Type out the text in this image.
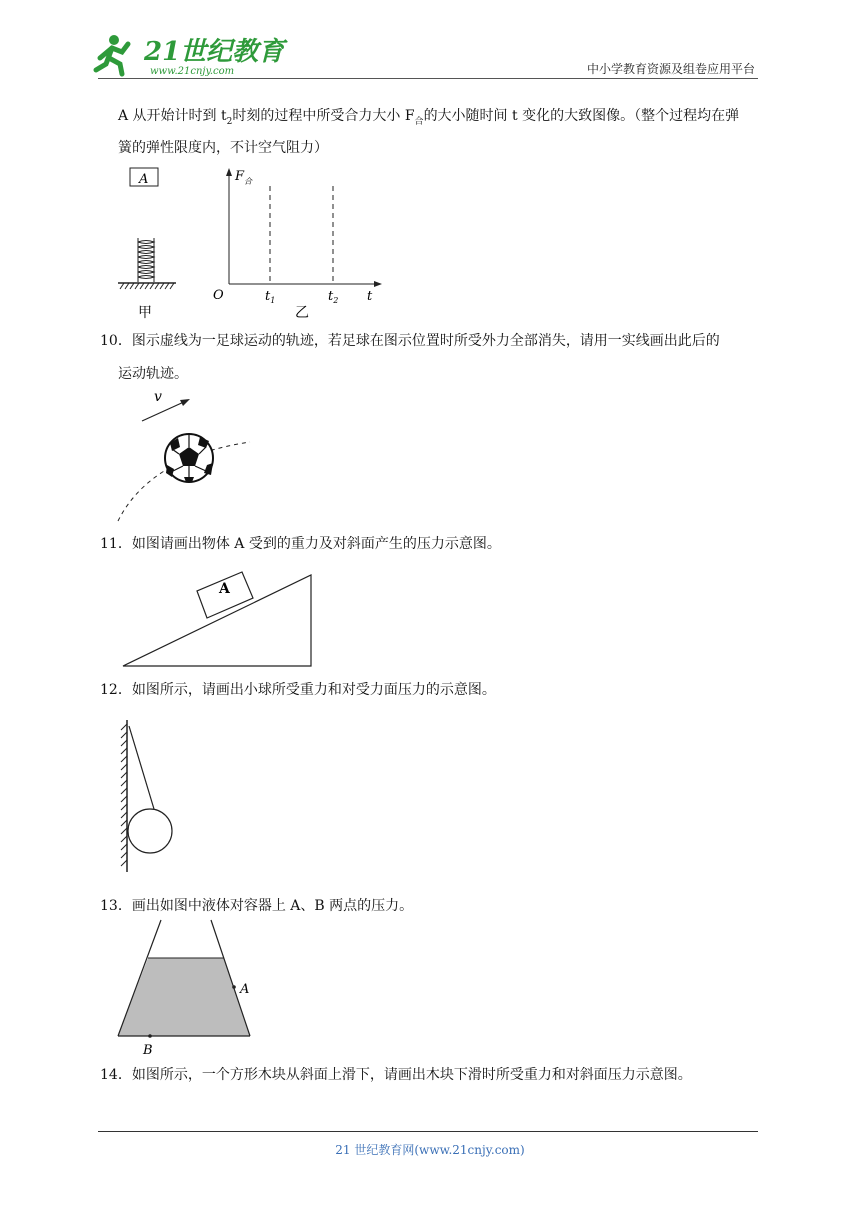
21世纪教育
www.21cnjy.com	中小学教育资源及组卷应用平台
A 从开始计时到 $t_2$时刻的过程中所受合力大小 $F_合$的大小随时间 t 变化的大致图像。（整个过程均在弹
簧的弹性限度内，不计空气阻力）
A
甲
$F_合$
O	$t_1$	$t_2$ t
乙
10．图示虚线为一足球运动的轨迹，若足球在图示位置时所受外力全部消失，请用一实线画出此后的
运动轨迹。
v
11．如图请画出物体 A 受到的重力及对斜面产生的压力示意图。
A
12．如图所示，请画出小球所受重力和对受力面压力的示意图。
13．画出如图中液体对容器上 A、B 两点的压力。
A
B
14．如图所示，一个方形木块从斜面上滑下，请画出木块下滑时所受重力和对斜面压力示意图。
21 世纪教育网(www.21cnjy.com)
